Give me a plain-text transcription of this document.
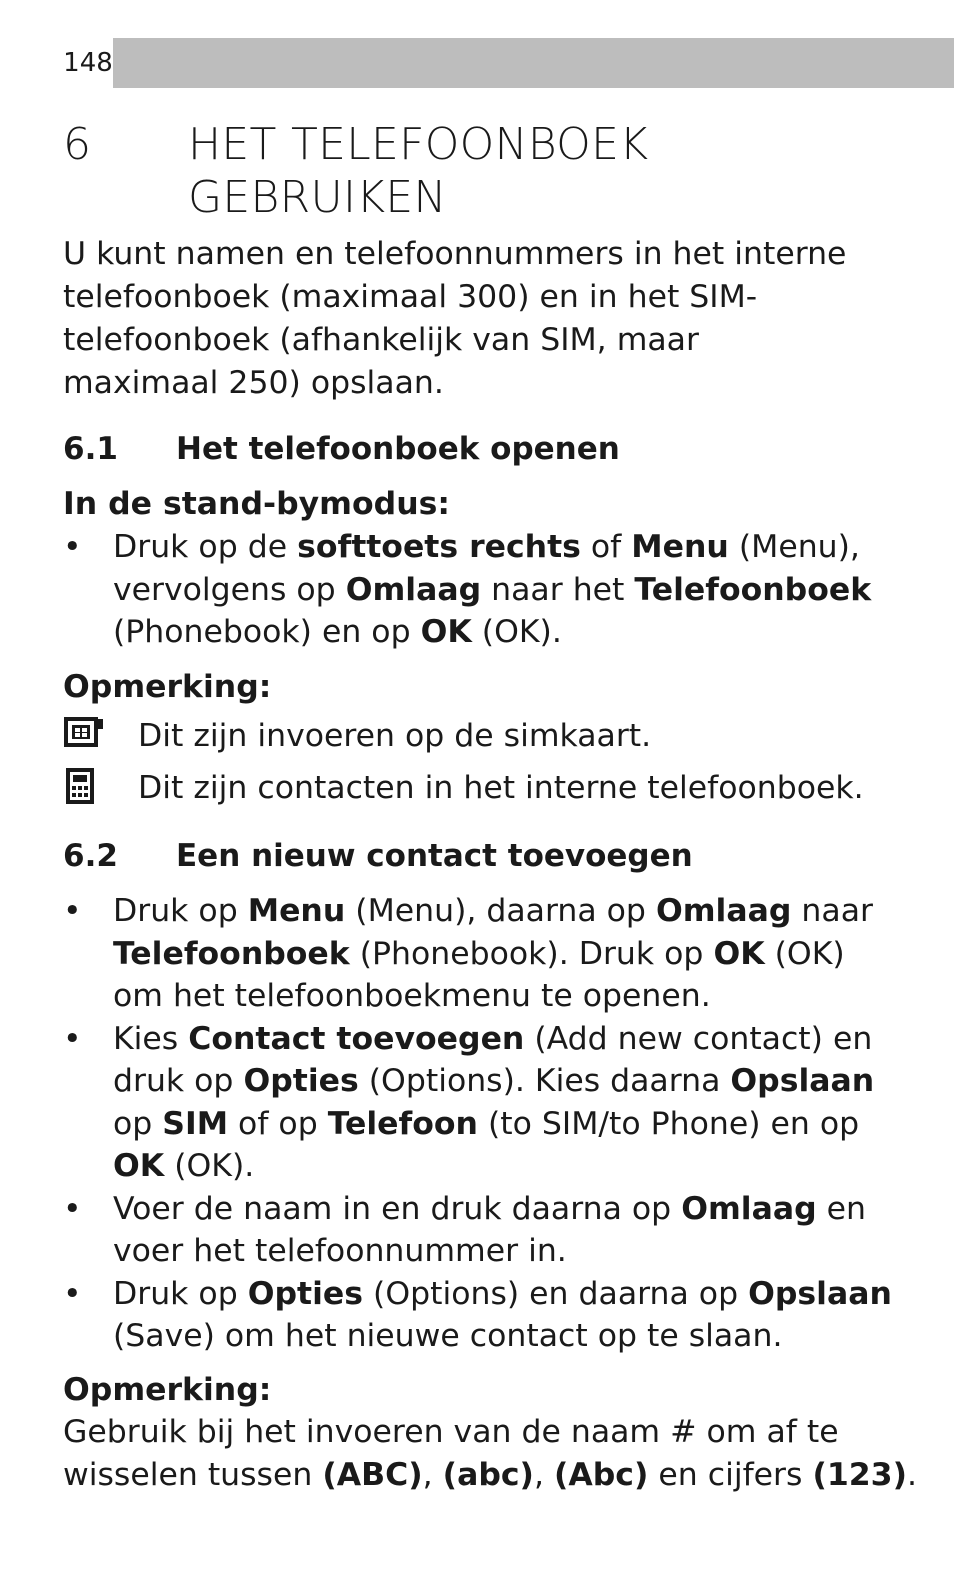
148
6 HET TELEFOONBOEK
GEBRUIKEN
U kunt namen en telefoonnummers in het interne
telefoonboek (maximaal 300) en in het SIM-
telefoonboek (afhankelijk van SIM, maar
maximaal 250) opslaan.
6.1 Het telefoonboek openen
In de stand-bymodus:
• Druk op de softtoets rechts of Menu (Menu),
vervolgens op Omlaag naar het Telefoonboek
(Phonebook) en op OK (OK).
Opmerking:
Dit zijn invoeren op de simkaart.
Dit zijn contacten in het interne telefoonboek.
6.2 Een nieuw contact toevoegen
• Druk op Menu (Menu), daarna op Omlaag naar
Telefoonboek (Phonebook). Druk op OK (OK)
om het telefoonboekmenu te openen.
• Kies Contact toevoegen (Add new contact) en
druk op Opties (Options). Kies daarna Opslaan
op SIM of op Telefoon (to SIM/to Phone) en op
OK (OK).
• Voer de naam in en druk daarna op Omlaag en
voer het telefoonnummer in.
• Druk op Opties (Options) en daarna op Opslaan
(Save) om het nieuwe contact op te slaan.
Opmerking:
Gebruik bij het invoeren van de naam # om af te
wisselen tussen (ABC), (abc), (Abc) en cijfers (123).
